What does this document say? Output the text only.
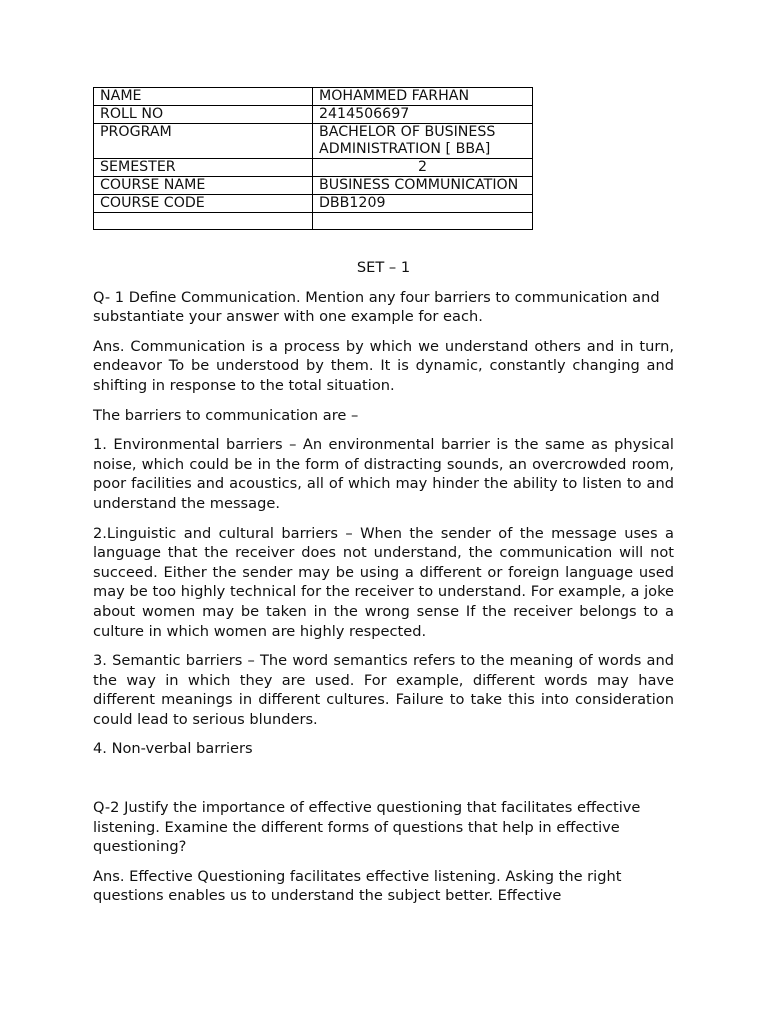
NAME	MOHAMMED FARHAN
ROLL NO	2414506697
PROGRAM	BACHELOR OF BUSINESS ADMINISTRATION [ BBA]
SEMESTER	2
COURSE NAME	BUSINESS COMMUNICATION
COURSE CODE	DBB1209

SET – 1

Q- 1 Define Communication. Mention any four barriers to communication and substantiate your answer with one example for each.

Ans. Communication is a process by which we understand others and in turn, endeavor To be understood by them. It is dynamic, constantly changing and shifting in response to the total situation.

The barriers to communication are –

1. Environmental barriers – An environmental barrier is the same as physical noise, which could be in the form of distracting sounds, an overcrowded room, poor facilities and acoustics, all of which may hinder the ability to listen to and understand the message.

2.Linguistic and cultural barriers – When the sender of the message uses a language that the receiver does not understand, the communication will not succeed. Either the sender may be using a different or foreign language used may be too highly technical for the receiver to understand. For example, a joke about women may be taken in the wrong sense If the receiver belongs to a culture in which women are highly respected.

3. Semantic barriers – The word semantics refers to the meaning of words and the way in which they are used. For example, different words may have different meanings in different cultures. Failure to take this into consideration could lead to serious blunders.

4. Non-verbal barriers

Q-2 Justify the importance of effective questioning that facilitates effective listening. Examine the different forms of questions that help in effective questioning?

Ans. Effective Questioning facilitates effective listening. Asking the right questions enables us to understand the subject better. Effective
